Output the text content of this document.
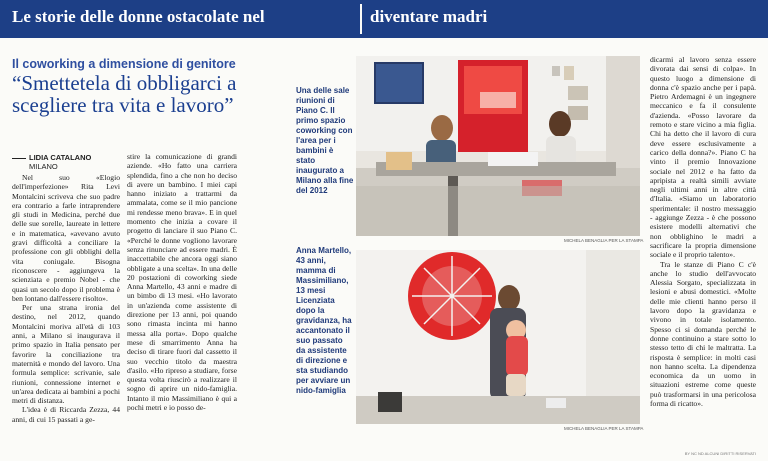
Le storie delle donne ostacolate nel	diventare madri
Il coworking a dimensione di genitore
“Smettetela di obbligarci a scegliere tra vita e lavoro”
LIDIA CATALANO
MILANO

Nel suo «Elogio dell'imperfezione» Rita Levi Montalcini scriveva che suo padre era contrario a farle intraprendere gli studi in Medicina, perché due delle sue sorelle, laureate in lettere e in matematica, «avevano avuto gravi difficoltà a conciliare la professione con gli obblighi della vita coniugale. Bisogna riconoscere - aggiungeva la scienziata e premio Nobel - che quasi un secolo dopo il problema è ben lontano dall'essere risolto».

Per una strana ironia del destino, nel 2012, quando Montalcini moriva all'età di 103 anni, a Milano si inaugurava il primo spazio in Italia pensato per favorire la conciliazione tra maternità e mondo del lavoro. Una formula semplice: scrivanie, sale riunioni, connessione internet e un'area dedicata ai bambini a pochi metri di distanza.

L'idea è di Riccarda Zezza, 44 anni, di cui 15 passati a ge-

stire la comunicazione di grandi aziende. «Ho fatto una carriera splendida, fino a che non ho deciso di avere un bambino. I miei capi hanno iniziato a trattarmi da ammalata, come se il mio pancione mi rendesse meno brava». E in quel momento che inizia a covare il progetto di lanciare il suo Piano C. «Perché le donne vogliono lavorare senza rinunciare ad essere madri. È inaccettabile che ancora oggi siano obbligate a una scelta». In una delle 20 postazioni di coworking siede Anna Martello, 43 anni e madre di un bimbo di 13 mesi. «Ho lavorato in un'azienda come assistente di direzione per 13 anni, poi quando sono rimasta incinta mi hanno messa alla porta». Dopo qualche mese di smarrimento Anna ha deciso di tirare fuori dal cassetto il suo vecchio titolo da maestra d'asilo. «Ho ripreso a studiare, forse questa volta riuscirò a realizzare il sogno di aprire un nido-famiglia. Intanto il mio Massimiliano è qui a pochi metri e io posso de-

dicarmi al lavoro senza essere divorata dai sensi di colpa». In questo luogo a dimensione di donna c'è spazio anche per i papà. Pietro Ardemagni è un ingegnere meccanico e fa il consulente d'azienda. «Posso lavorare da remoto e stare vicino a mia figlia. Chi ha detto che il lavoro di cura deve essere esclusivamente a carico della donna?». Piano C ha vinto il premio Innovazione sociale nel 2012 e ha fatto da apripista a realtà simili avviate negli ultimi anni in altre città d'Italia. «Siamo un laboratorio sperimentale: il nostro messaggio - aggiunge Zezza - è che possono esistere modelli alternativi che non obblighino le madri a sacrificare la propria dimensione sociale e il proprio talento».

Tra le stanze di Piano C c'è anche lo studio dell'avvocato Alessia Sorgato, specializzata in lesioni e abusi domestici. «Molte delle mie clienti hanno perso il lavoro dopo la gravidanza e vivono in totale isolamento. Spesso ci si domanda perché le donne continuino a stare sotto lo stesso tetto di chi le maltratta. La risposta è semplice: in molti casi non hanno scelta. La dipendenza economica da un uomo in situazioni estreme come queste può trasformarsi in una pericolosa forma di ricatto».

Una delle sale riunioni di Piano C. Il primo spazio coworking con l'area per i bambini è stato inaugurato a Milano alla fine del 2012
Anna Martello, 43 anni, mamma di Massimiliano, 13 mesi Licenziata dopo la gravidanza, ha accantonato il suo passato da assistente di direzione e sta studiando per avviare un nido-famiglia
MICHELA BENAGLIA PER LA STAMPA
MICHELA BENAGLIA PER LA STAMPA
BY NC ND ALCUNI DIRITTI RISERVATI
